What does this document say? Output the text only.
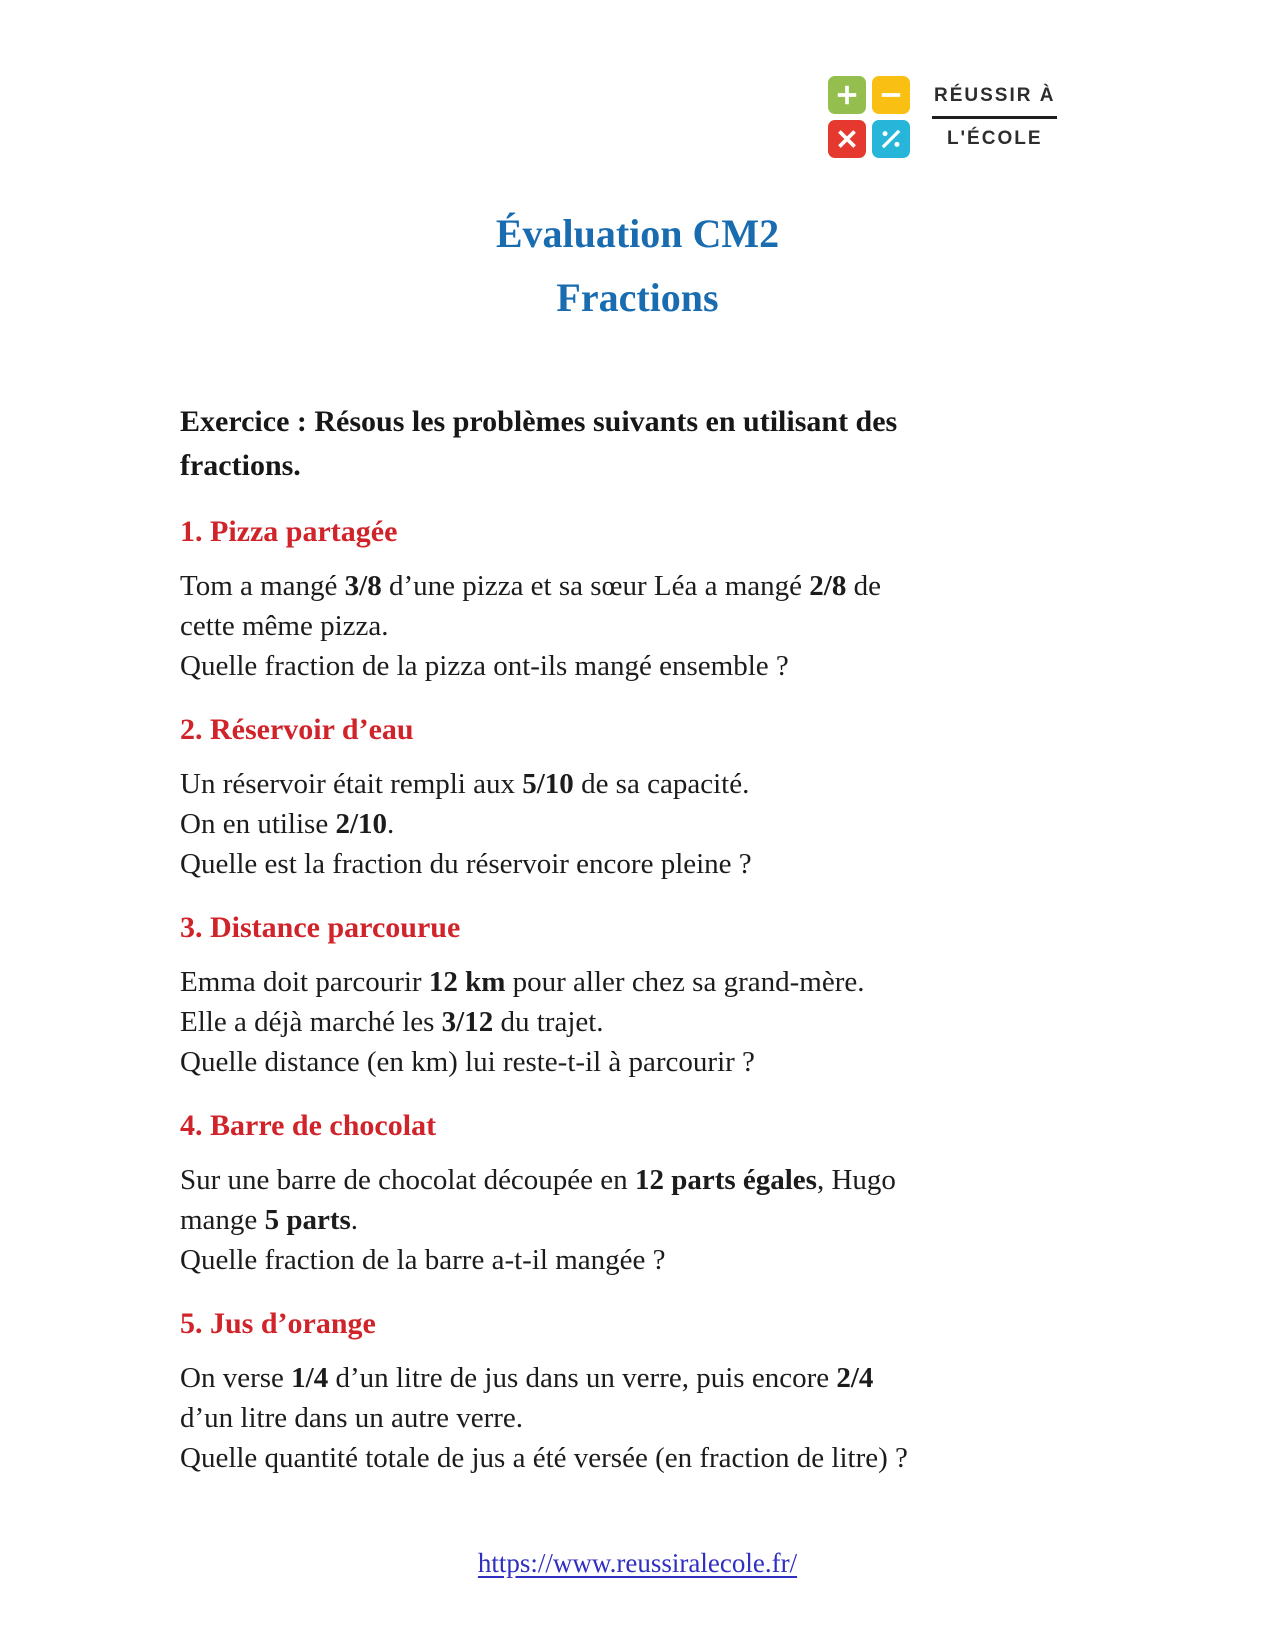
RÉUSSIR À
L'ÉCOLE
Évaluation CM2
Fractions
Exercice : Résous les problèmes suivants en utilisant des
fractions.
1. Pizza partagée
Tom a mangé 3/8 d’une pizza et sa sœur Léa a mangé 2/8 de
cette même pizza.
Quelle fraction de la pizza ont-ils mangé ensemble ?
2. Réservoir d’eau
Un réservoir était rempli aux 5/10 de sa capacité.
On en utilise 2/10.
Quelle est la fraction du réservoir encore pleine ?
3. Distance parcourue
Emma doit parcourir 12 km pour aller chez sa grand-mère.
Elle a déjà marché les 3/12 du trajet.
Quelle distance (en km) lui reste-t-il à parcourir ?
4. Barre de chocolat
Sur une barre de chocolat découpée en 12 parts égales, Hugo
mange 5 parts.
Quelle fraction de la barre a-t-il mangée ?
5. Jus d’orange
On verse 1/4 d’un litre de jus dans un verre, puis encore 2/4
d’un litre dans un autre verre.
Quelle quantité totale de jus a été versée (en fraction de litre) ?
https://www.reussiralecole.fr/
